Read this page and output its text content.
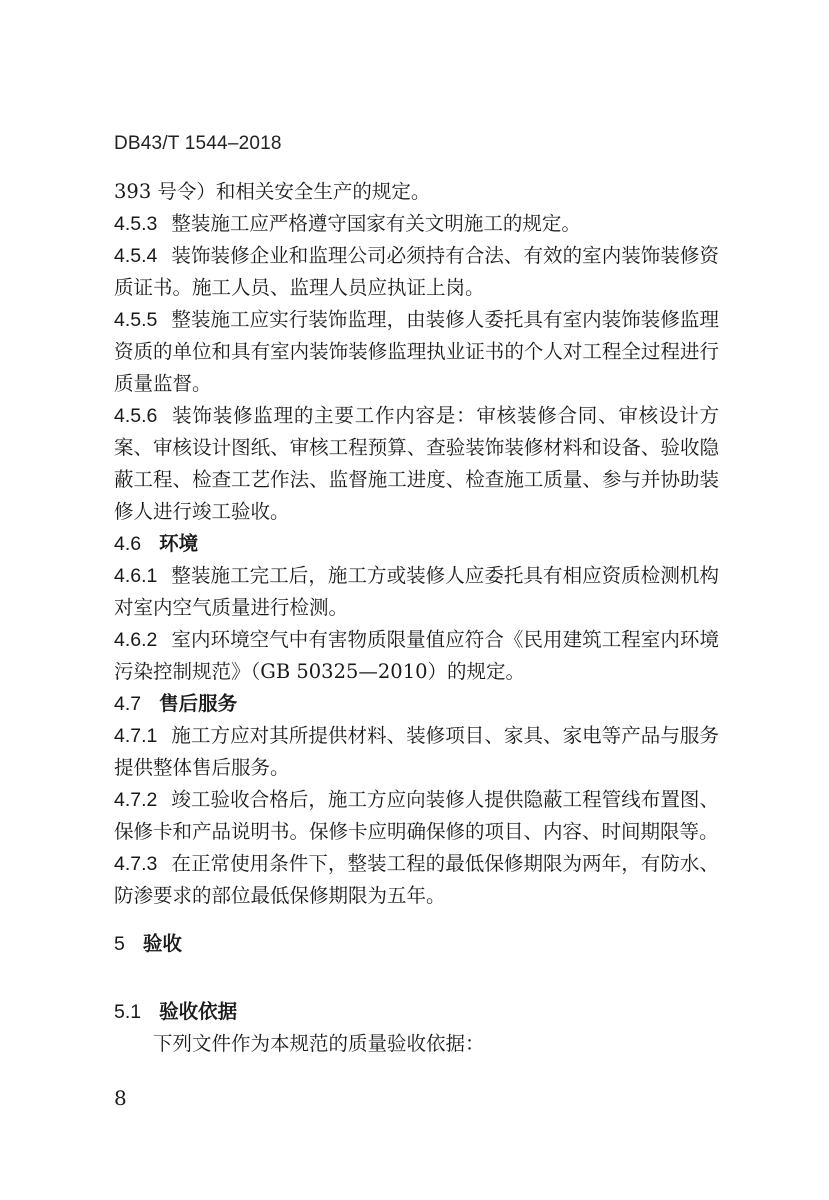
DB43/T 1544–2018

393 号令）和相关安全生产的规定。

4.5.3 整装施工应严格遵守国家有关文明施工的规定。

4.5.4 装饰装修企业和监理公司必须持有合法、有效的室内装饰装修资质证书。施工人员、监理人员应执证上岗。

4.5.5 整装施工应实行装饰监理，由装修人委托具有室内装饰装修监理资质的单位和具有室内装饰装修监理执业证书的个人对工程全过程进行质量监督。

4.5.6 装饰装修监理的主要工作内容是：审核装修合同、审核设计方案、审核设计图纸、审核工程预算、查验装饰装修材料和设备、验收隐蔽工程、检查工艺作法、监督施工进度、检查施工质量、参与并协助装修人进行竣工验收。

4.6 环境

4.6.1 整装施工完工后，施工方或装修人应委托具有相应资质检测机构对室内空气质量进行检测。

4.6.2 室内环境空气中有害物质限量值应符合《民用建筑工程室内环境污染控制规范》（GB 50325—2010）的规定。

4.7 售后服务

4.7.1 施工方应对其所提供材料、装修项目、家具、家电等产品与服务提供整体售后服务。

4.7.2 竣工验收合格后，施工方应向装修人提供隐蔽工程管线布置图、保修卡和产品说明书。保修卡应明确保修的项目、内容、时间期限等。

4.7.3 在正常使用条件下，整装工程的最低保修期限为两年，有防水、防渗要求的部位最低保修期限为五年。

5 验收
5.1 验收依据
下列文件作为本规范的质量验收依据：
8
